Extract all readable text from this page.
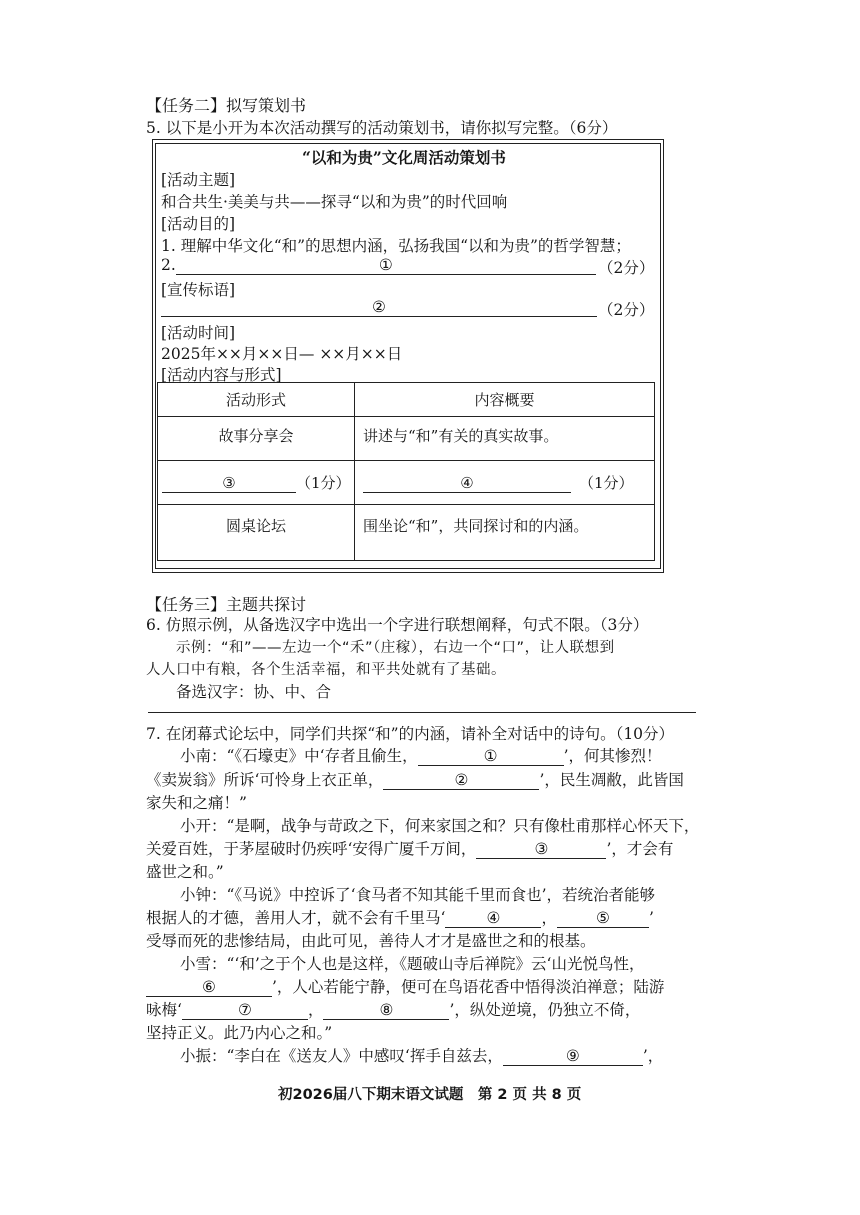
【任务二】拟写策划书
5. 以下是小开为本次活动撰写的活动策划书，请你拟写完整。（6分）
“以和为贵”文化周活动策划书
[活动主题]
和合共生·美美与共——探寻“以和为贵”的时代回响
[活动目的]
1. 理解中华文化“和”的思想内涵，弘扬我国“以和为贵”的哲学智慧；
2.	①	（2分）
[宣传标语]
②	（2分）
[活动时间]
2025年××月××日— ××月××日
[活动内容与形式]
活动形式	内容概要
故事分享会	讲述与“和”有关的真实故事。
③ （1分）	④ （1分）
圆桌论坛	围坐论“和”，共同探讨和的内涵。
【任务三】主题共探讨
6. 仿照示例，从备选汉字中选出一个字进行联想阐释，句式不限。（3分）
示例：“和”——左边一个“禾”（庄稼），右边一个“口”，让人联想到
人人口中有粮，各个生活幸福，和平共处就有了基础。
备选汉字：协、中、合
7. 在闭幕式论坛中，同学们共探“和”的内涵，请补全对话中的诗句。（10分）
小南：“《石壕吏》中‘存者且偷生，	①	’，何其惨烈！
《卖炭翁》所诉‘可怜身上衣正单，	②	’，民生凋敝，此皆国
家失和之痛！”
小开：“是啊，战争与苛政之下，何来家国之和？只有像杜甫那样心怀天下，
关爱百姓，于茅屋破时仍疾呼‘安得广厦千万间，	③	’，才会有
盛世之和。”
小钟：“《马说》中控诉了‘食马者不知其能千里而食也’，若统治者能够
根据人的才德，善用人才，就不会有千里马‘	④	，	⑤	’
受辱而死的悲惨结局，由此可见，善待人才才是盛世之和的根基。
小雪：“‘和’之于个人也是这样，《题破山寺后禅院》云‘山光悦鸟性，
⑥	’，人心若能宁静，便可在鸟语花香中悟得淡泊禅意；陆游
咏梅‘	⑦	，	⑧	’，纵处逆境，仍独立不倚，
坚持正义。此乃内心之和。”
小振：“李白在《送友人》中感叹‘挥手自兹去，	⑨	’，
初2026届八下期末语文试题　第 2 页 共 8 页
